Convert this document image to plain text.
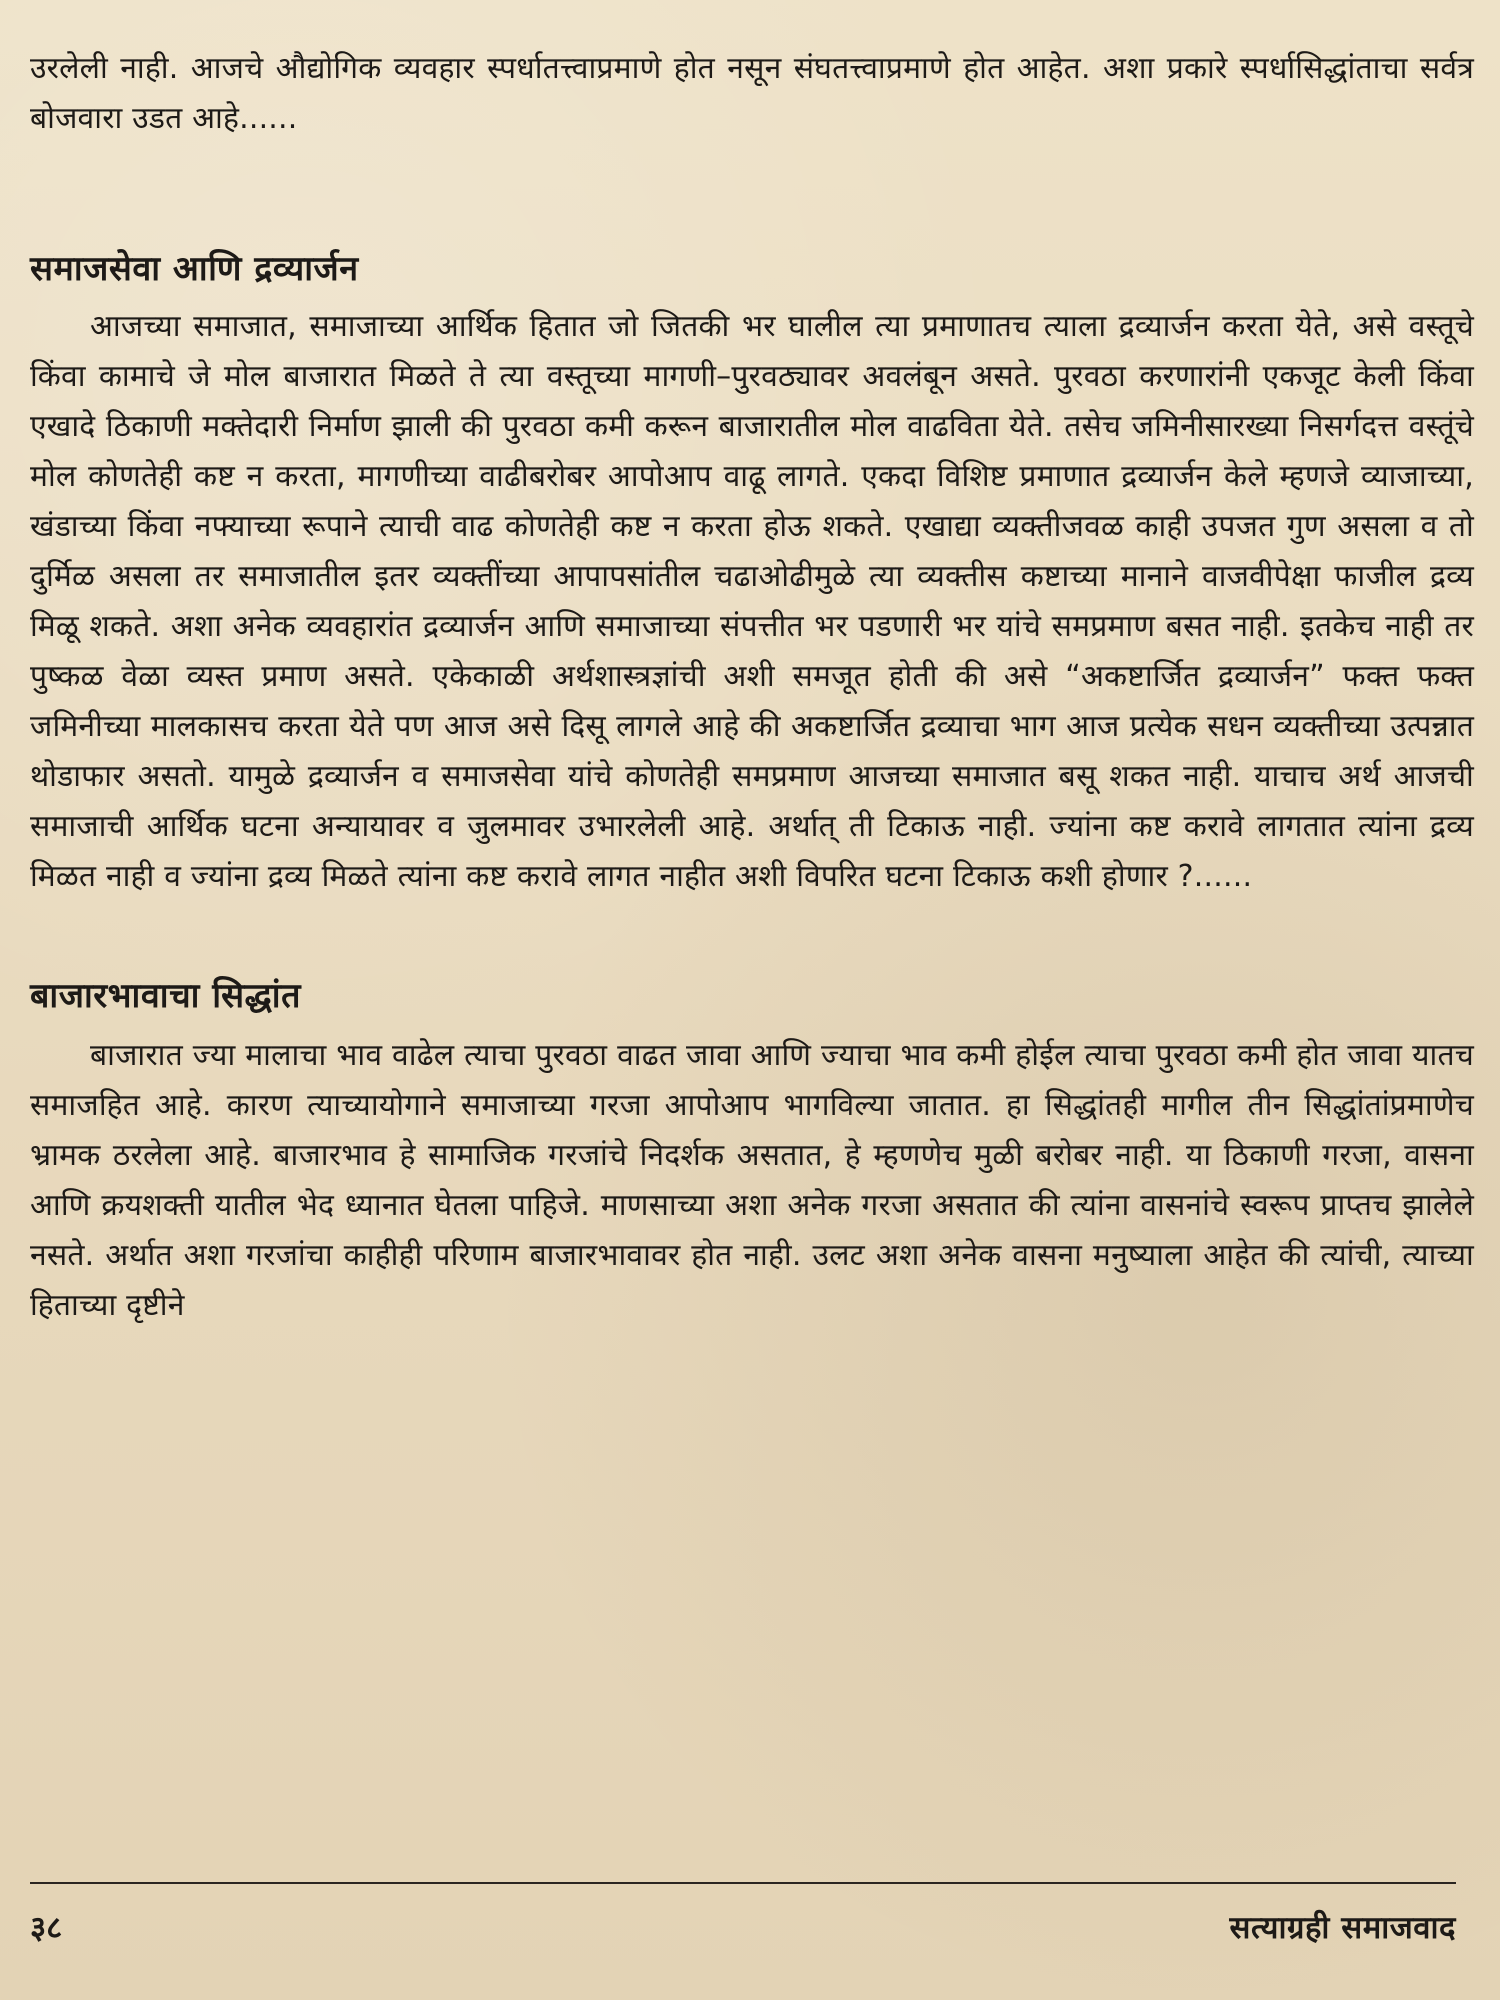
उरलेली नाही. आजचे औद्योगिक व्यवहार स्पर्धातत्त्वाप्रमाणे होत नसून संघतत्त्वाप्रमाणे होत आहेत. अशा प्रकारे स्पर्धासिद्धांताचा सर्वत्र बोजवारा उडत आहे......

समाजसेवा आणि द्रव्यार्जन

आजच्या समाजात, समाजाच्या आर्थिक हितात जो जितकी भर घालील त्या प्रमाणातच त्याला द्रव्यार्जन करता येते, असे वस्तूचे किंवा कामाचे जे मोल बाजारात मिळते ते त्या वस्तूच्या मागणी–पुरवठ्यावर अवलंबून असते. पुरवठा करणारांनी एकजूट केली किंवा एखादे ठिकाणी मक्तेदारी निर्माण झाली की पुरवठा कमी करून बाजारातील मोल वाढविता येते. तसेच जमिनीसारख्या निसर्गदत्त वस्तूंचे मोल कोणतेही कष्ट न करता, मागणीच्या वाढीबरोबर आपोआप वाढू लागते. एकदा विशिष्ट प्रमाणात द्रव्यार्जन केले म्हणजे व्याजाच्या, खंडाच्या किंवा नफ्याच्या रूपाने त्याची वाढ कोणतेही कष्ट न करता होऊ शकते. एखाद्या व्यक्तीजवळ काही उपजत गुण असला व तो दुर्मिळ असला तर समाजातील इतर व्यक्तींच्या आपापसांतील चढाओढीमुळे त्या व्यक्तीस कष्टाच्या मानाने वाजवीपेक्षा फाजील द्रव्य मिळू शकते. अशा अनेक व्यवहारांत द्रव्यार्जन आणि समाजाच्या संपत्तीत भर पडणारी भर यांचे समप्रमाण बसत नाही. इतकेच नाही तर पुष्कळ वेळा व्यस्त प्रमाण असते. एकेकाळी अर्थशास्त्रज्ञांची अशी समजूत होती की असे “अकष्टार्जित द्रव्यार्जन” फक्त फक्त जमिनीच्या मालकासच करता येते पण आज असे दिसू लागले आहे की अकष्टार्जित द्रव्याचा भाग आज प्रत्येक सधन व्यक्तीच्या उत्पन्नात थोडाफार असतो. यामुळे द्रव्यार्जन व समाजसेवा यांचे कोणतेही समप्रमाण आजच्या समाजात बसू शकत नाही. याचाच अर्थ आजची समाजाची आर्थिक घटना अन्यायावर व जुलमावर उभारलेली आहे. अर्थात् ती टिकाऊ नाही. ज्यांना कष्ट करावे लागतात त्यांना द्रव्य मिळत नाही व ज्यांना द्रव्य मिळते त्यांना कष्ट करावे लागत नाहीत अशी विपरित घटना टिकाऊ कशी होणार ?......

बाजारभावाचा सिद्धांत

बाजारात ज्या मालाचा भाव वाढेल त्याचा पुरवठा वाढत जावा आणि ज्याचा भाव कमी होईल त्याचा पुरवठा कमी होत जावा यातच समाजहित आहे. कारण त्याच्यायोगाने समाजाच्या गरजा आपोआप भागविल्या जातात. हा सिद्धांतही मागील तीन सिद्धांतांप्रमाणेच भ्रामक ठरलेला आहे. बाजारभाव हे सामाजिक गरजांचे निदर्शक असतात, हे म्हणणेच मुळी बरोबर नाही. या ठिकाणी गरजा, वासना आणि क्रयशक्ती यातील भेद ध्यानात घेतला पाहिजे. माणसाच्या अशा अनेक गरजा असतात की त्यांना वासनांचे स्वरूप प्राप्तच झालेले नसते. अर्थात अशा गरजांचा काहीही परिणाम बाजारभावावर होत नाही. उलट अशा अनेक वासना मनुष्याला आहेत की त्यांची, त्याच्या हिताच्या दृष्टीने

३८	सत्याग्रही समाजवाद
